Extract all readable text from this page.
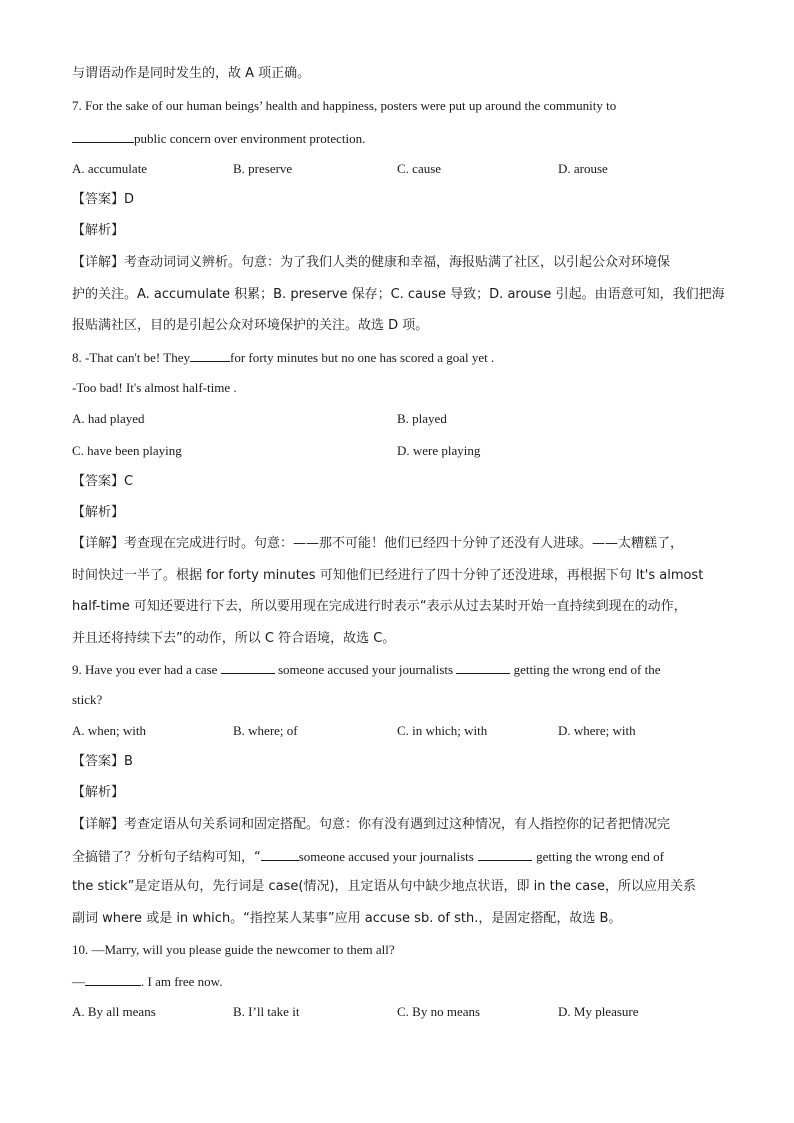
与谓语动作是同时发生的，故 A 项正确。
7. For the sake of our human beings’ health and happiness, posters were put up around the community to
public concern over environment protection.
A. accumulate	B. preserve	C. cause	D. arouse
【答案】D
【解析】
【详解】考查动词词义辨析。句意：为了我们人类的健康和幸福，海报贴满了社区，以引起公众对环境保
护的关注。A. accumulate 积累；B. preserve 保存；C. cause 导致；D. arouse 引起。由语意可知，我们把海
报贴满社区，目的是引起公众对环境保护的关注。故选 D 项。
8. -That can't be! They	for forty minutes but no one has scored a goal yet .
-Too bad! It's almost half-time .
A. had played	B. played
C. have been playing	D. were playing
【答案】C
【解析】
【详解】考查现在完成进行时。句意：——那不可能！他们已经四十分钟了还没有人进球。——太糟糕了，
时间快过一半了。根据 for forty minutes 可知他们已经进行了四十分钟了还没进球，再根据下句 It's almost
half-time 可知还要进行下去，所以要用现在完成进行时表示“表示从过去某时开始一直持续到现在的动作，
并且还将持续下去”的动作，所以 C 符合语境，故选 C。
9. Have you ever had a case	someone accused your journalists	getting the wrong end of the
stick?
A. when; with	B. where; of	C. in which; with	D. where; with
【答案】B
【解析】
【详解】考查定语从句关系词和固定搭配。句意：你有没有遇到过这种情况，有人指控你的记者把情况完
全搞错了？分析句子结构可知，“	someone accused your journalists	getting the wrong end of
the stick”是定语从句，先行词是 case(情况)，且定语从句中缺少地点状语，即 in the case，所以应用关系
副词 where 或是 in which。“指控某人某事”应用 accuse sb. of sth.，是固定搭配，故选 B。
10. —Marry, will you please guide the newcomer to them all?
—	. I am free now.
A. By all means	B. I’ll take it	C. By no means	D. My pleasure
